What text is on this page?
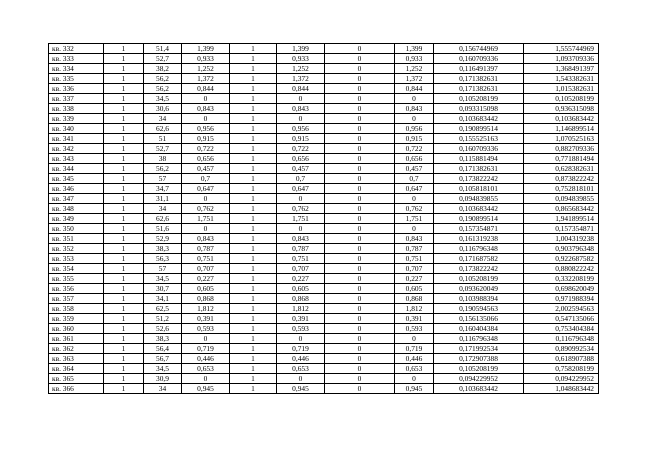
кв. 332	1	51,4	1,399	1	1,399	0	1,399	0,156744969	1,555744969
кв. 333	1	52,7	0,933	1	0,933	0	0,933	0,160709336	1,093709336
кв. 334	1	38,2	1,252	1	1,252	0	1,252	0,116491397	1,368491397
кв. 335	1	56,2	1,372	1	1,372	0	1,372	0,171382631	1,543382631
кв. 336	1	56,2	0,844	1	0,844	0	0,844	0,171382631	1,015382631
кв. 337	1	34,5	0	1	0	0	0	0,105208199	0,105208199
кв. 338	1	30,6	0,843	1	0,843	0	0,843	0,093315098	0,936315098
кв. 339	1	34	0	1	0	0	0	0,103683442	0,103683442
кв. 340	1	62,6	0,956	1	0,956	0	0,956	0,190899514	1,146899514
кв. 341	1	51	0,915	1	0,915	0	0,915	0,155525163	1,070525163
кв. 342	1	52,7	0,722	1	0,722	0	0,722	0,160709336	0,882709336
кв. 343	1	38	0,656	1	0,656	0	0,656	0,115881494	0,771881494
кв. 344	1	56,2	0,457	1	0,457	0	0,457	0,171382631	0,628382631
кв. 345	1	57	0,7	1	0,7	0	0,7	0,173822242	0,873822242
кв. 346	1	34,7	0,647	1	0,647	0	0,647	0,105818101	0,752818101
кв. 347	1	31,1	0	1	0	0	0	0,094839855	0,094839855
кв. 348	1	34	0,762	1	0,762	0	0,762	0,103683442	0,865683442
кв. 349	1	62,6	1,751	1	1,751	0	1,751	0,190899514	1,941899514
кв. 350	1	51,6	0	1	0	0	0	0,157354871	0,157354871
кв. 351	1	52,9	0,843	1	0,843	0	0,843	0,161319238	1,004319238
кв. 352	1	38,3	0,787	1	0,787	0	0,787	0,116796348	0,903796348
кв. 353	1	56,3	0,751	1	0,751	0	0,751	0,171687582	0,922687582
кв. 354	1	57	0,707	1	0,707	0	0,707	0,173822242	0,880822242
кв. 355	1	34,5	0,227	1	0,227	0	0,227	0,105208199	0,332208199
кв. 356	1	30,7	0,605	1	0,605	0	0,605	0,093620049	0,698620049
кв. 357	1	34,1	0,868	1	0,868	0	0,868	0,103988394	0,971988394
кв. 358	1	62,5	1,812	1	1,812	0	1,812	0,190594563	2,002594563
кв. 359	1	51,2	0,391	1	0,391	0	0,391	0,156135066	0,547135066
кв. 360	1	52,6	0,593	1	0,593	0	0,593	0,160404384	0,753404384
кв. 361	1	38,3	0	1	0	0	0	0,116796348	0,116796348
кв. 362	1	56,4	0,719	1	0,719	0	0,719	0,171992534	0,890992534
кв. 363	1	56,7	0,446	1	0,446	0	0,446	0,172907388	0,618907388
кв. 364	1	34,5	0,653	1	0,653	0	0,653	0,105208199	0,758208199
кв. 365	1	30,9	0	1	0	0	0	0,094229952	0,094229952
кв. 366	1	34	0,945	1	0,945	0	0,945	0,103683442	1,048683442
